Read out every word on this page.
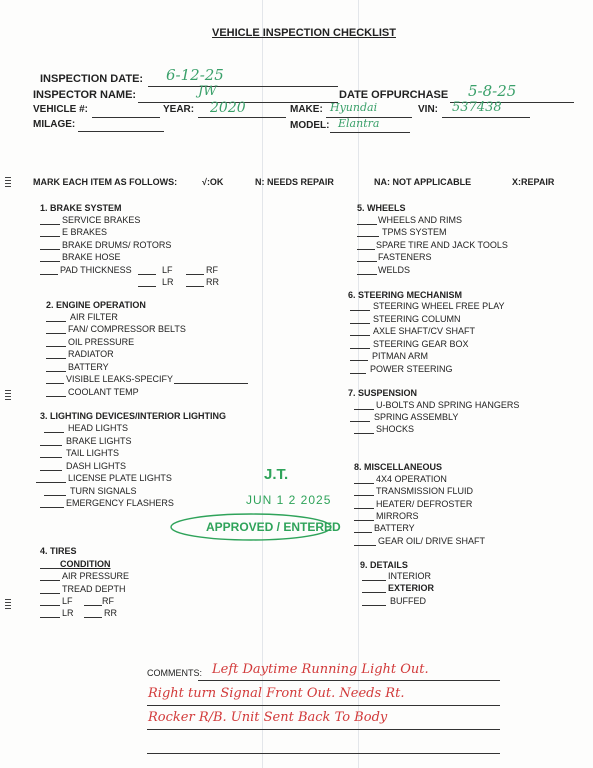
VEHICLE INSPECTION CHECKLIST
INSPECTION DATE: 6-12-25
INSPECTOR NAME:	JW	DATE OFPURCHASE 5-8-25
VEHICLE #:	YEAR: 2020	MAKE: Hyundai	VIN: 537438
MILAGE:	MODEL: Elantra
MARK EACH ITEM AS FOLLOWS:	√:OK	N: NEEDS REPAIR	NA: NOT APPLICABLE	X:REPAIR
1. BRAKE SYSTEM
SERVICE BRAKES
E BRAKES
BRAKE DRUMS/ ROTORS
BRAKE HOSE
PAD THICKNESS	LF	RF
LR	RR
2. ENGINE OPERATION
AIR FILTER
FAN/ COMPRESSOR BELTS
OIL PRESSURE
RADIATOR
BATTERY
VISIBLE LEAKS-SPECIFY
COOLANT TEMP
3. LIGHTING DEVICES/INTERIOR LIGHTING
HEAD LIGHTS
BRAKE LIGHTS
TAIL LIGHTS
DASH LIGHTS
LICENSE PLATE LIGHTS
TURN SIGNALS
EMERGENCY FLASHERS
4. TIRES
CONDITION
AIR PRESSURE
TREAD DEPTH
LF	RF
LR	RR
5. WHEELS
WHEELS AND RIMS
TPMS SYSTEM
SPARE TIRE AND JACK TOOLS
FASTENERS
WELDS
6. STEERING MECHANISM
STEERING WHEEL FREE PLAY
STEERING COLUMN
AXLE SHAFT/CV SHAFT
STEERING GEAR BOX
PITMAN ARM
POWER STEERING
7. SUSPENSION
U-BOLTS AND SPRING HANGERS
SPRING ASSEMBLY
SHOCKS
8. MISCELLANEOUS
4X4 OPERATION
TRANSMISSION FLUID
HEATER/ DEFROSTER
MIRRORS
BATTERY
GEAR OIL/ DRIVE SHAFT
9. DETAILS
INTERIOR
EXTERIOR
BUFFED
J.T.
JUN 1 2 2025
APPROVED / ENTERED
COMMENTS: Left Daytime Running Light Out.
Right turn Signal Front Out. Needs Rt.
Rocker R/B. Unit Sent Back To Body
